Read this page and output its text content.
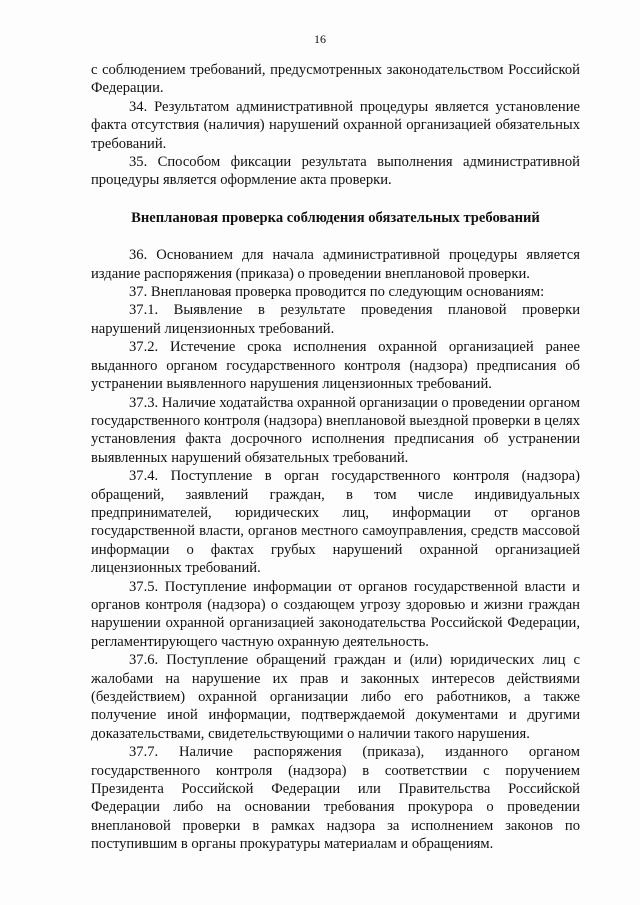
16

с соблюдением требований, предусмотренных законодательством Российской Федерации.

34. Результатом административной процедуры является установление факта отсутствия (наличия) нарушений охранной организацией обязательных требований.

35. Способом фиксации результата выполнения административной процедуры является оформление акта проверки.

Внеплановая проверка соблюдения обязательных требований

36. Основанием для начала административной процедуры является издание распоряжения (приказа) о проведении внеплановой проверки.

37. Внеплановая проверка проводится по следующим основаниям:

37.1. Выявление в результате проведения плановой проверки нарушений лицензионных требований.

37.2. Истечение срока исполнения охранной организацией ранее выданного органом государственного контроля (надзора) предписания об устранении выявленного нарушения лицензионных требований.

37.3. Наличие ходатайства охранной организации о проведении органом государственного контроля (надзора) внеплановой выездной проверки в целях установления факта досрочного исполнения предписания об устранении выявленных нарушений обязательных требований.

37.4. Поступление в орган государственного контроля (надзора) обращений, заявлений граждан, в том числе индивидуальных предпринимателей, юридических лиц, информации от органов государственной власти, органов местного самоуправления, средств массовой информации о фактах грубых нарушений охранной организацией лицензионных требований.

37.5. Поступление информации от органов государственной власти и органов контроля (надзора) о создающем угрозу здоровью и жизни граждан нарушении охранной организацией законодательства Российской Федерации, регламентирующего частную охранную деятельность.

37.6. Поступление обращений граждан и (или) юридических лиц с жалобами на нарушение их прав и законных интересов действиями (бездействием) охранной организации либо его работников, а также получение иной информации, подтверждаемой документами и другими доказательствами, свидетельствующими о наличии такого нарушения.

37.7. Наличие распоряжения (приказа), изданного органом государственного контроля (надзора) в соответствии с поручением Президента Российской Федерации или Правительства Российской Федерации либо на основании требования прокурора о проведении внеплановой проверки в рамках надзора за исполнением законов по поступившим в органы прокуратуры материалам и обращениям.
